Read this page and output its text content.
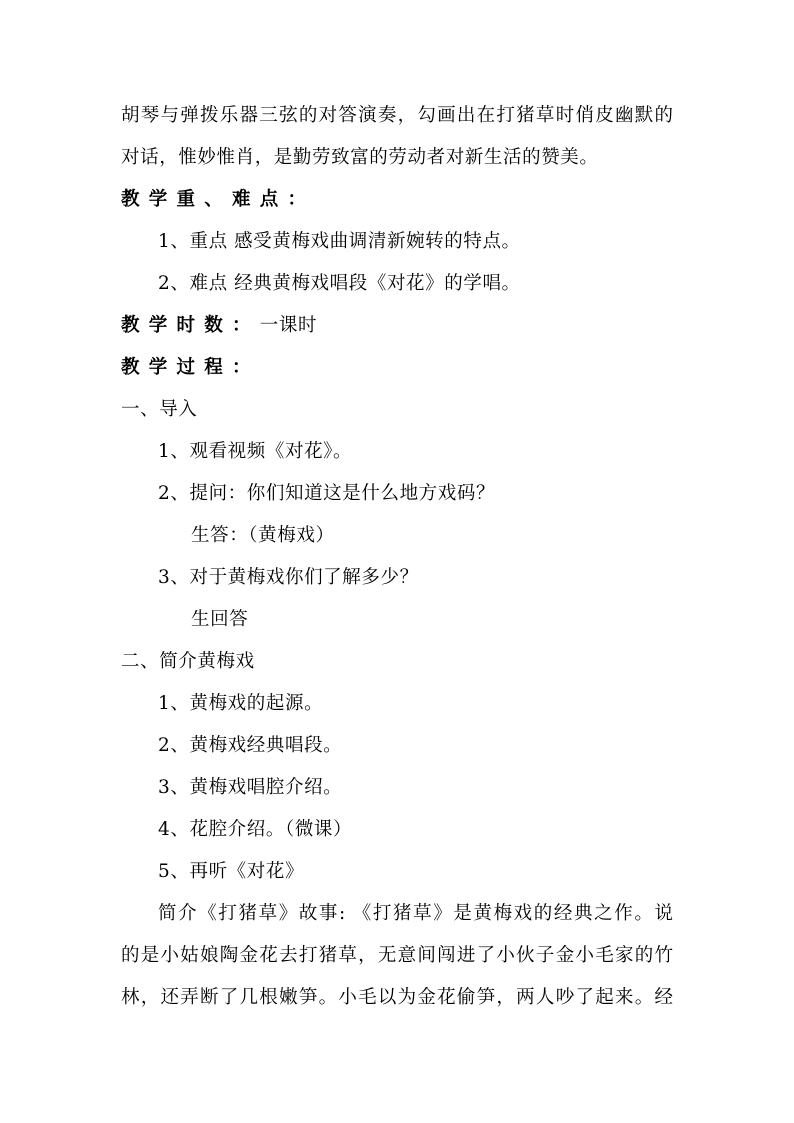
胡琴与弹拨乐器三弦的对答演奏，勾画出在打猪草时俏皮幽默的
对话，惟妙惟肖，是勤劳致富的劳动者对新生活的赞美。
教学重、难点：
1、重点 感受黄梅戏曲调清新婉转的特点。
2、难点 经典黄梅戏唱段《对花》的学唱。
教学时数：一课时
教学过程：
一、导入
1、观看视频《对花》。
2、提问：你们知道这是什么地方戏码？
生答：（黄梅戏）
3、对于黄梅戏你们了解多少？
生回答
二、简介黄梅戏
1、黄梅戏的起源。
2、黄梅戏经典唱段。
3、黄梅戏唱腔介绍。
4、花腔介绍。（微课）
5、再听《对花》
简介《打猪草》故事: 《打猪草》是黄梅戏的经典之作。说
的是小姑娘陶金花去打猪草，无意间闯进了小伙子金小毛家的竹
林，还弄断了几根嫩笋。小毛以为金花偷笋，两人吵了起来。经
